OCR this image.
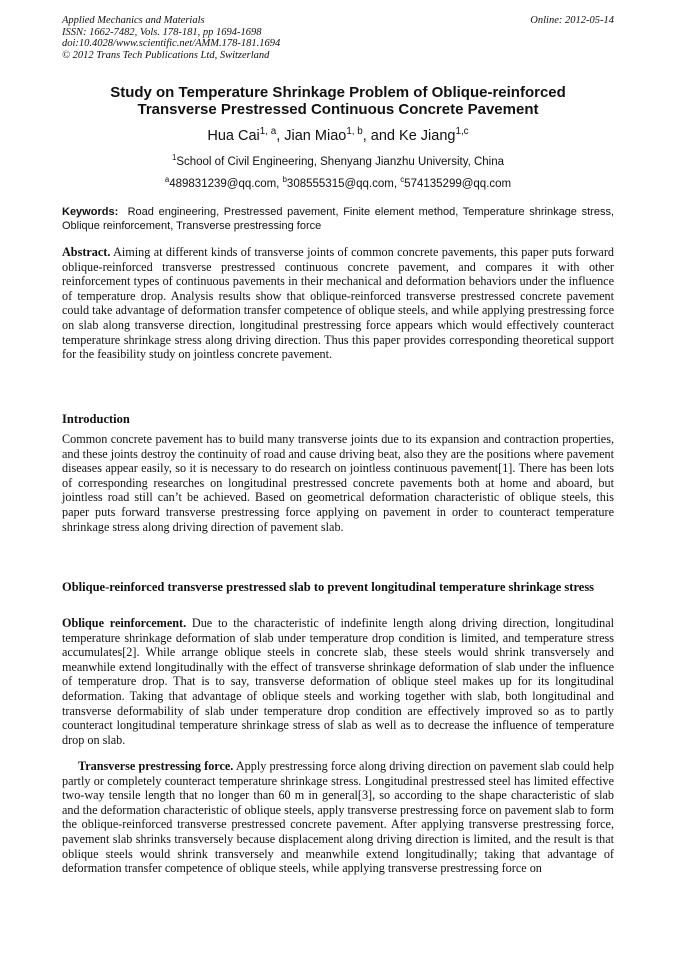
Applied Mechanics and Materials
ISSN: 1662-7482, Vols. 178-181, pp 1694-1698
doi:10.4028/www.scientific.net/AMM.178-181.1694
© 2012 Trans Tech Publications Ltd, Switzerland
Online: 2012-05-14
Study on Temperature Shrinkage Problem of Oblique-reinforced
Transverse Prestressed Continuous Concrete Pavement
Hua Cai$^{1, a}$, Jian Miao$^{1, b}$, and Ke Jiang$^{1,c}$
$^1$School of Civil Engineering, Shenyang Jianzhu University, China
$^a$489831239@qq.com, $^b$308555315@qq.com, $^c$574135299@qq.com
Keywords: Road engineering, Prestressed pavement, Finite element method, Temperature shrinkage stress, Oblique reinforcement, Transverse prestressing force
Abstract. Aiming at different kinds of transverse joints of common concrete pavements, this paper puts forward oblique-reinforced transverse prestressed continuous concrete pavement, and compares it with other reinforcement types of continuous pavements in their mechanical and deformation behaviors under the influence of temperature drop. Analysis results show that oblique-reinforced transverse prestressed concrete pavement could take advantage of deformation transfer competence of oblique steels, and while applying prestressing force on slab along transverse direction, longitudinal prestressing force appears which would effectively counteract temperature shrinkage stress along driving direction. Thus this paper provides corresponding theoretical support for the feasibility study on jointless concrete pavement.
Introduction
Common concrete pavement has to build many transverse joints due to its expansion and contraction properties, and these joints destroy the continuity of road and cause driving beat, also they are the positions where pavement diseases appear easily, so it is necessary to do research on jointless continuous pavement[1]. There has been lots of corresponding researches on longitudinal prestressed concrete pavements both at home and aboard, but jointless road still can’t be achieved. Based on geometrical deformation characteristic of oblique steels, this paper puts forward transverse prestressing force applying on pavement in order to counteract temperature shrinkage stress along driving direction of pavement slab.
Oblique-reinforced transverse prestressed slab to prevent longitudinal temperature shrinkage stress
Oblique reinforcement. Due to the characteristic of indefinite length along driving direction, longitudinal temperature shrinkage deformation of slab under temperature drop condition is limited, and temperature stress accumulates[2]. While arrange oblique steels in concrete slab, these steels would shrink transversely and meanwhile extend longitudinally with the effect of transverse shrinkage deformation of slab under the influence of temperature drop. That is to say, transverse deformation of oblique steel makes up for its longitudinal deformation. Taking that advantage of oblique steels and working together with slab, both longitudinal and transverse deformability of slab under temperature drop condition are effectively improved so as to partly counteract longitudinal temperature shrinkage stress of slab as well as to decrease the influence of temperature drop on slab.
Transverse prestressing force. Apply prestressing force along driving direction on pavement slab could help partly or completely counteract temperature shrinkage stress. Longitudinal prestressed steel has limited effective two-way tensile length that no longer than 60 m in general[3], so according to the shape characteristic of slab and the deformation characteristic of oblique steels, apply transverse prestressing force on pavement slab to form the oblique-reinforced transverse prestressed concrete pavement. After applying transverse prestressing force, pavement slab shrinks transversely because displacement along driving direction is limited, and the result is that oblique steels would shrink transversely and meanwhile extend longitudinally; taking that advantage of deformation transfer competence of oblique steels, while applying transverse prestressing force on
